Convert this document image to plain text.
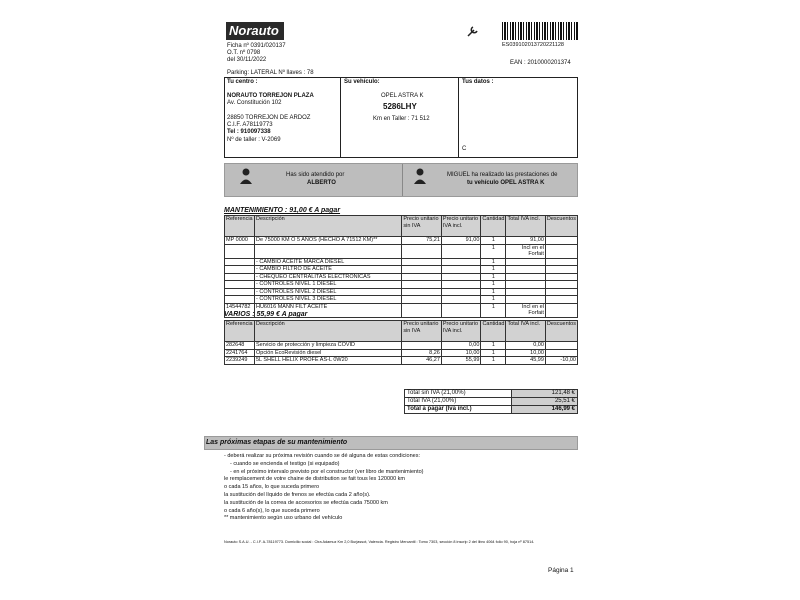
Norauto
Ficha nº 0391/020137
O.T. nº 0798
del 30/11/2022
Parking: LATERAL Nº llaves : 78
ES0391020137202211​28
EAN : 2010000201374
Tu centro :
NORAUTO TORREJON PLAZA
Av. Constitución 102
28850 TORREJON DE ARDOZ
C.I.F. A78119773
Tel : 910097338
Nº de taller : V-2069
Su vehículo:
OPEL ASTRA K
5286LHY
Km en Taller : 71 512
Tus datos :
C
Has sido atendido por
ALBERTO
MIGUEL ha realizado las prestaciones de
tu vehículo OPEL ASTRA K
MANTENIMIENTO : 91,00 € A pagar
Referencia	Descripción	Precio unitario sin IVA	Precio unitario IVA incl.	Cantidad	Total IVA incl.	Descuentos
MP 0000	De 75000 KM O 5 AÑOS (HECHO A 71512 KM)**	75,21	91,00	1	91,00	
				1	Incl en el Forfait	
	- CAMBIO ACEITE MARCA DIESEL			1		
	- CAMBIO FILTRO DE ACEITE			1		
	- CHEQUEO CENTRALITAS ELECTRÓNICAS			1		
	- CONTROLES NIVEL 1 DIESEL			1		
	- CONTROLES NIVEL 2 DIESEL			1		
	- CONTROLES NIVEL 3 DIESEL			1		
14544782	HU6016 MANN FILT ACEITE			1	Incl en el Forfait	
VARIOS : 55,99 € A pagar
Referencia	Descripción	Precio unitario sin IVA	Precio unitario IVA incl.	Cantidad	Total IVA incl.	Descuentos
282648	Servicio de protección y limpieza COVID		0,00	1	0,00	
2241764	Opción EcoRevisión diesel	8,26	10,00	1	10,00	
2239249	5L SHELL HELIX PROFE AS-L 0W20	46,27	55,99	1	45,99	-10,00
Total sin IVA (21,00%)	121,48 €
Total IVA (21,00%)	25,51 €
Total a pagar (Iva incl.)	146,99 €
Las próximas etapas de su mantenimiento
- deberá realizar su próxima revisión cuando se dé alguna de estas condiciones:
- cuando se encienda el testigo (si equipado)
- en el próximo intervalo previsto por el constructor (ver libro de mantenimiento)
le remplacement de votre chaine de distribution se fait tous les 120000 km
o cada 15 años, lo que suceda primero
la sustitución del líquido de frenos se efectúa cada 2 año(s).
la sustitución de la correa de accesorios se efectúa cada 75000 km
o cada 6 año(s), lo que suceda primero
** mantenimiento según uso urbano del vehículo
Norauto S.A.U. - C.I.F. A-78119773. Domicilio social : Ctra Adamuz Km 2,0 Burjassot, Valencia. Registro Mercantil : Tomo 7303, sección 8 inscrip 2 del libro 4064 folio 90, hoja nº 87514.
Página 1
